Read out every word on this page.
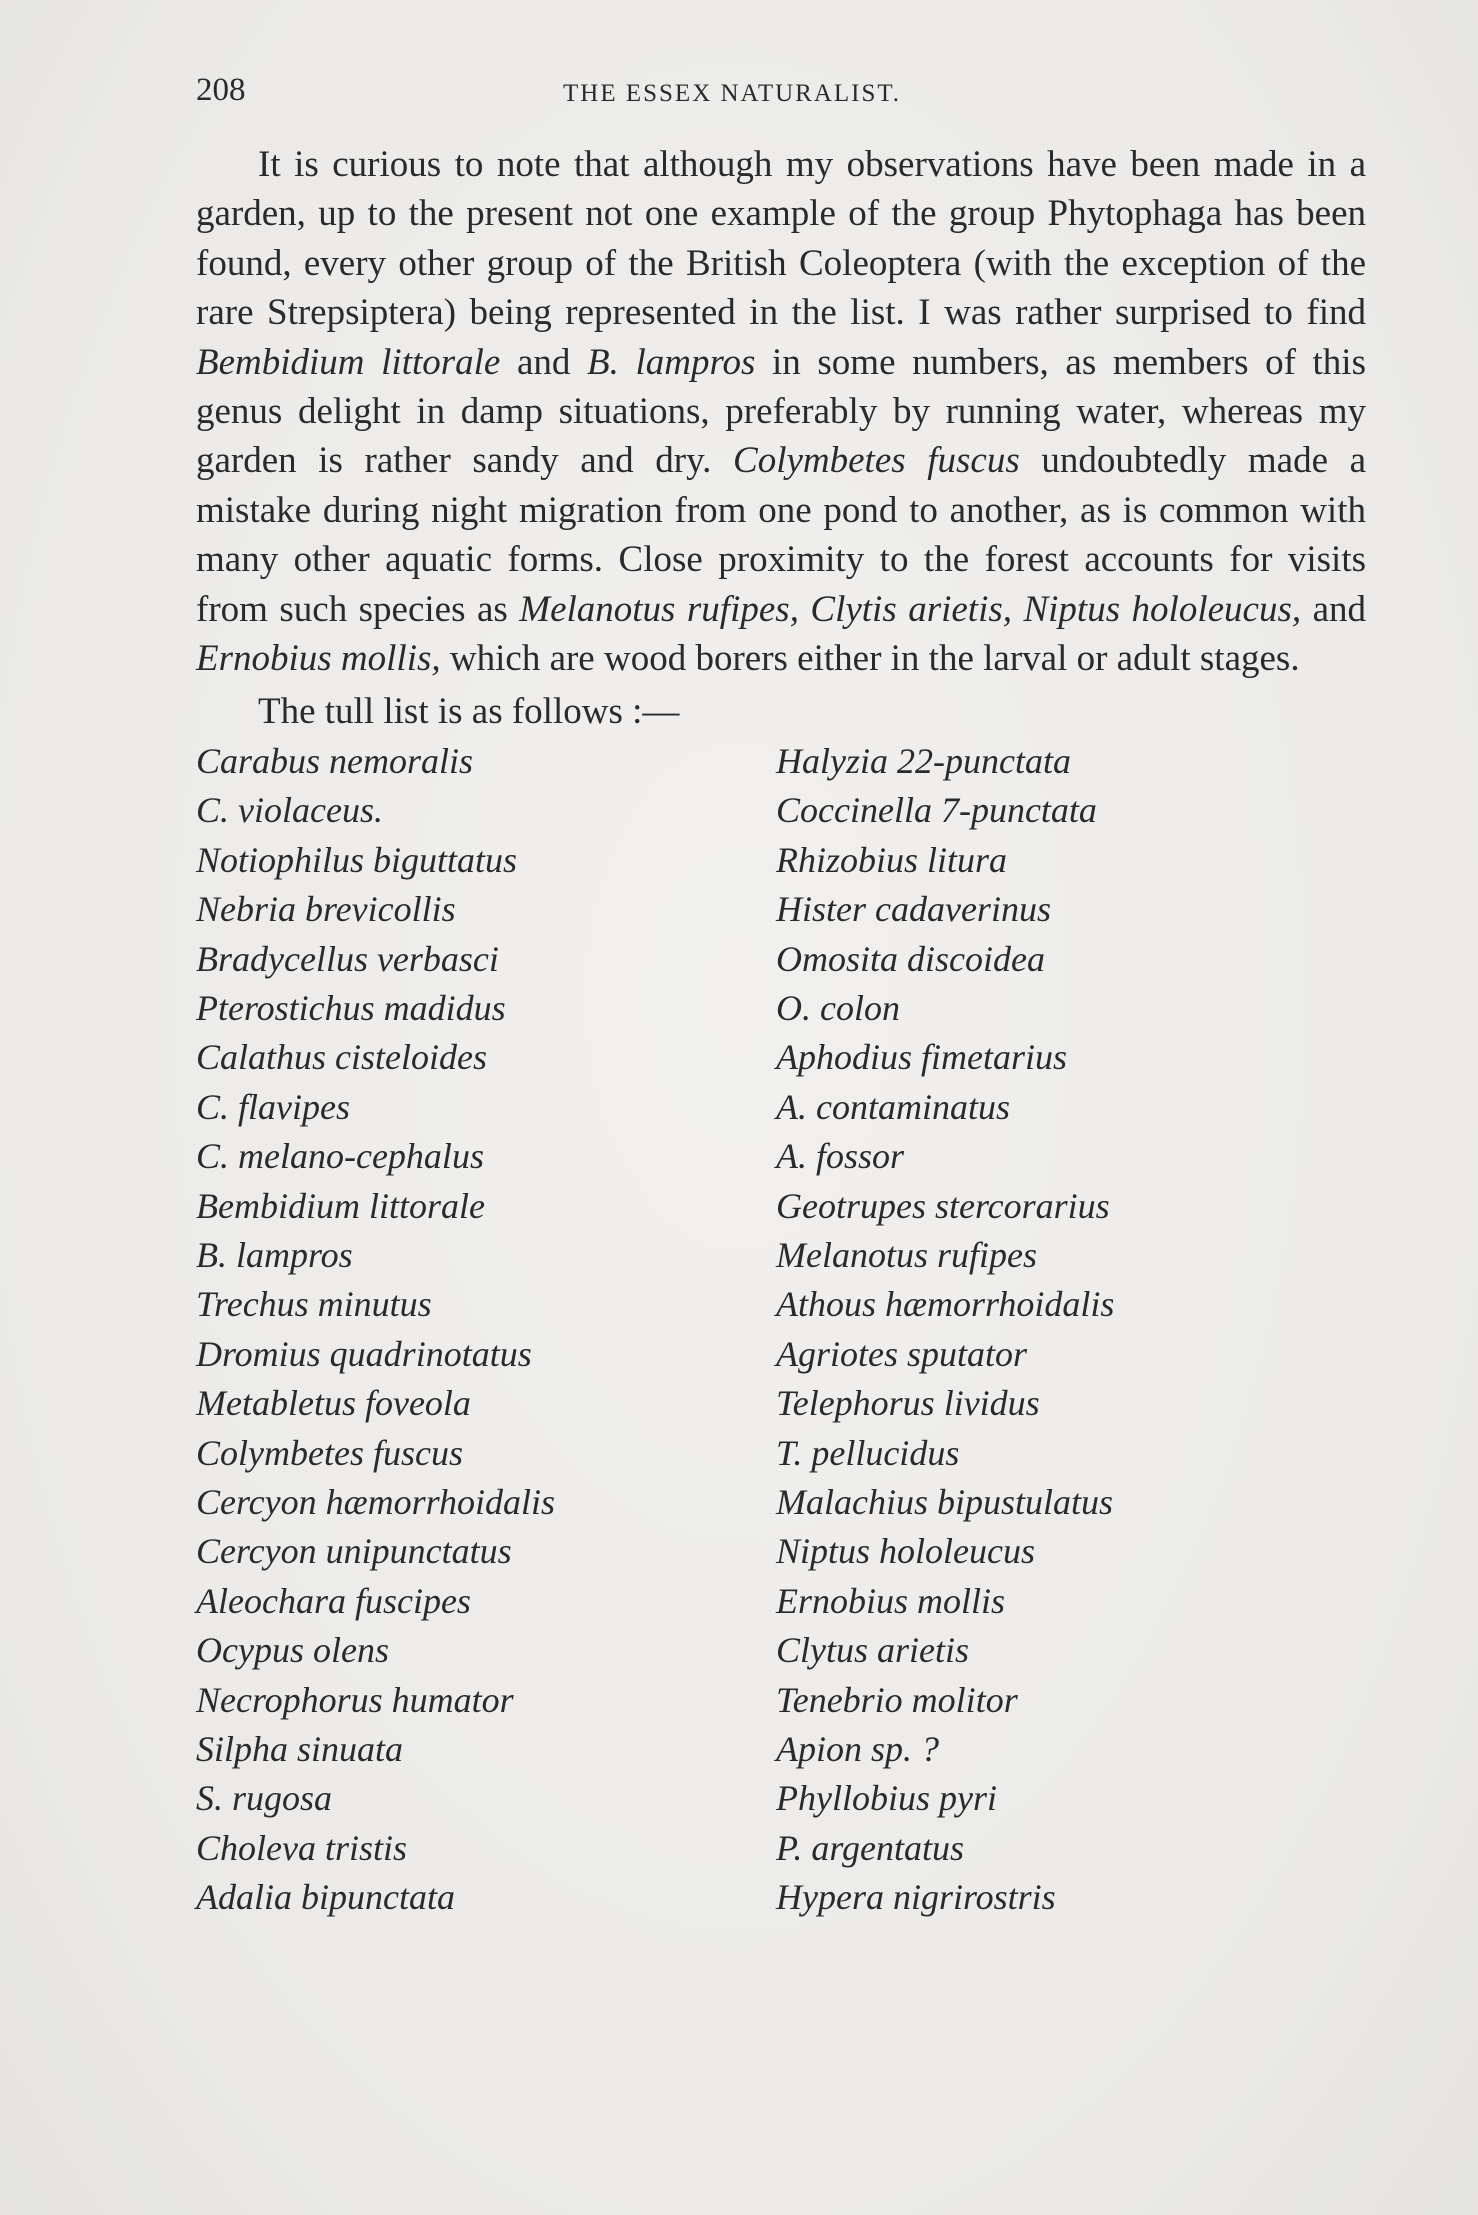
208	THE ESSEX NATURALIST.

It is curious to note that although my observations have been made in a garden, up to the present not one example of the group Phytophaga has been found, every other group of the British Coleoptera (with the exception of the rare Strepsiptera) being represented in the list. I was rather surprised to find Bembidium littorale and B. lampros in some numbers, as members of this genus delight in damp situations, preferably by running water, whereas my garden is rather sandy and dry. Colymbetes fuscus undoubtedly made a mistake during night migration from one pond to another, as is common with many other aquatic forms. Close proximity to the forest accounts for visits from such species as Melanotus rufipes, Clytis arietis, Niptus hololeucus, and Ernobius mollis, which are wood borers either in the larval or adult stages.

The tull list is as follows :—

Carabus nemoralis
C. violaceus.
Notiophilus biguttatus
Nebria brevicollis
Bradycellus verbasci
Pterostichus madidus
Calathus cisteloides
C. flavipes
C. melano-cephalus
Bembidium littorale
B. lampros
Trechus minutus
Dromius quadrinotatus
Metabletus foveola
Colymbetes fuscus
Cercyon hæmorrhoidalis
Cercyon unipunctatus
Aleochara fuscipes
Ocypus olens
Necrophorus humator
Silpha sinuata
S. rugosa
Choleva tristis
Adalia bipunctata
Halyzia 22-punctata
Coccinella 7-punctata
Rhizobius litura
Hister cadaverinus
Omosita discoidea
O. colon
Aphodius fimetarius
A. contaminatus
A. fossor
Geotrupes stercorarius
Melanotus rufipes
Athous hæmorrhoidalis
Agriotes sputator
Telephorus lividus
T. pellucidus
Malachius bipustulatus
Niptus hololeucus
Ernobius mollis
Clytus arietis
Tenebrio molitor
Apion sp. ?
Phyllobius pyri
P. argentatus
Hypera nigrirostris
